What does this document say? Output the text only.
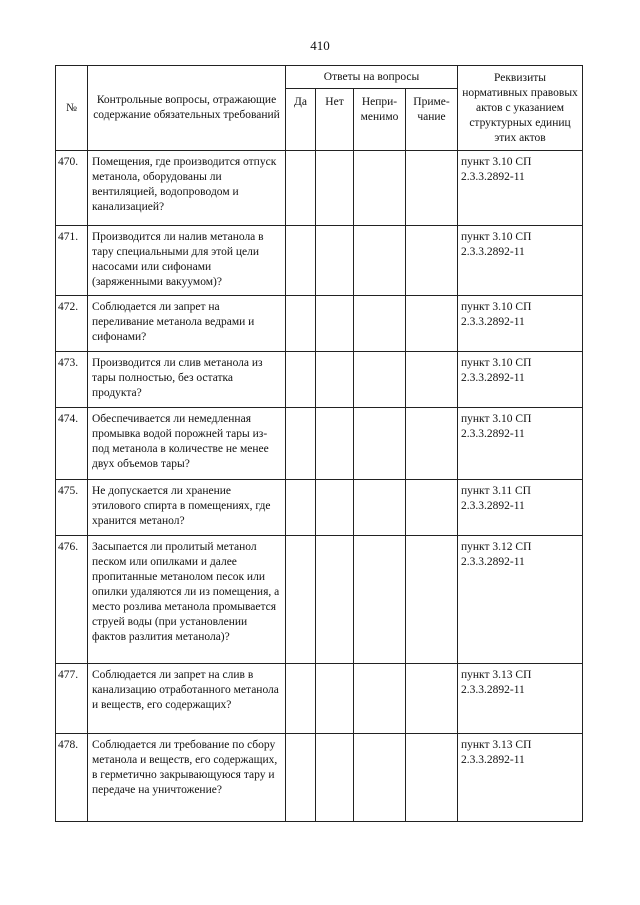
410
№	Контрольные вопросы, отражающие содержание обязательных требований	Ответы на вопросы				Реквизиты нормативных правовых актов с указанием структурных единиц этих актов
		Да	Нет	Непри-менимо	Приме-чание	
470.	Помещения, где производится отпуск метанола, оборудованы ли вентиляцией, водопроводом и канализацией?					пункт 3.10 СП 2.3.3.2892-11
471.	Производится ли налив метанола в тару специальными для этой цели насосами или сифонами (заряженными вакуумом)?					пункт 3.10 СП 2.3.3.2892-11
472.	Соблюдается ли запрет на переливание метанола ведрами и сифонами?					пункт 3.10 СП 2.3.3.2892-11
473.	Производится ли слив метанола из тары полностью, без остатка продукта?					пункт 3.10 СП 2.3.3.2892-11
474.	Обеспечивается ли немедленная промывка водой порожней тары из-под метанола в количестве не менее двух объемов тары?					пункт 3.10 СП 2.3.3.2892-11
475.	Не допускается ли хранение этилового спирта в помещениях, где хранится метанол?					пункт 3.11 СП 2.3.3.2892-11
476.	Засыпается ли пролитый метанол песком или опилками и далее пропитанные метанолом песок или опилки удаляются ли из помещения, а место розлива метанола промывается струей воды (при установлении фактов разлития метанола)?					пункт 3.12 СП 2.3.3.2892-11
477.	Соблюдается ли запрет на слив в канализацию отработанного метанола и веществ, его содержащих?					пункт 3.13 СП 2.3.3.2892-11
478.	Соблюдается ли требование по сбору метанола и веществ, его содержащих, в герметично закрывающуюся тару и передаче на уничтожение?					пункт 3.13 СП 2.3.3.2892-11
